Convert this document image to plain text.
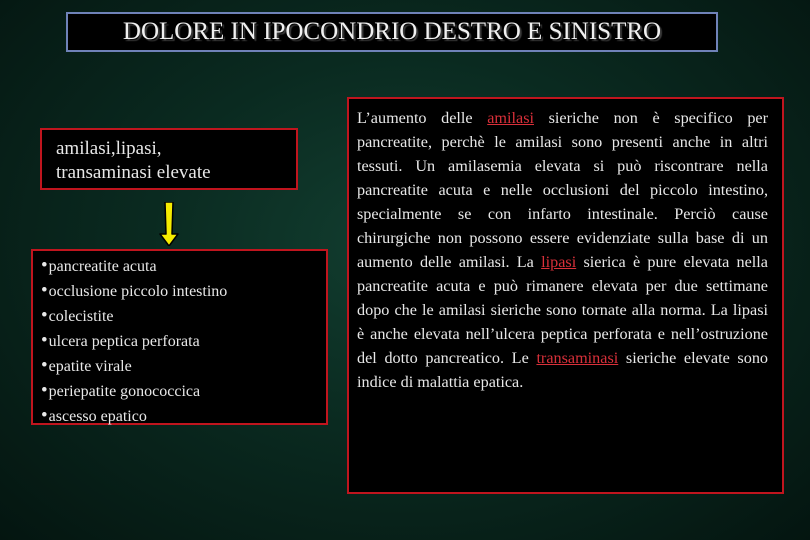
DOLORE IN IPOCONDRIO DESTRO E SINISTRO
amilasi,lipasi,
transaminasi elevate
•pancreatite acuta
•occlusione piccolo intestino
•colecistite
•ulcera peptica perforata
•epatite virale
•periepatite gonococcica
•ascesso epatico

L’aumento delle amilasi sieriche non è specifico per pancreatite, perchè le amilasi sono presenti anche in altri tessuti. Un amilasemia elevata si può riscontrare nella pancreatite acuta e nelle occlusioni del piccolo intestino, specialmente se con infarto intestinale. Perciò cause chirurgiche non possono essere evidenziate sulla base di un aumento delle amilasi. La lipasi sierica è pure elevata nella pancreatite acuta e può rimanere elevata per due settimane dopo che le amilasi sieriche sono tornate alla norma. La lipasi è anche elevata nell’ulcera peptica perforata e nell’ostruzione del dotto pancreatico. Le transaminasi sieriche elevate sono indice di malattia epatica.
